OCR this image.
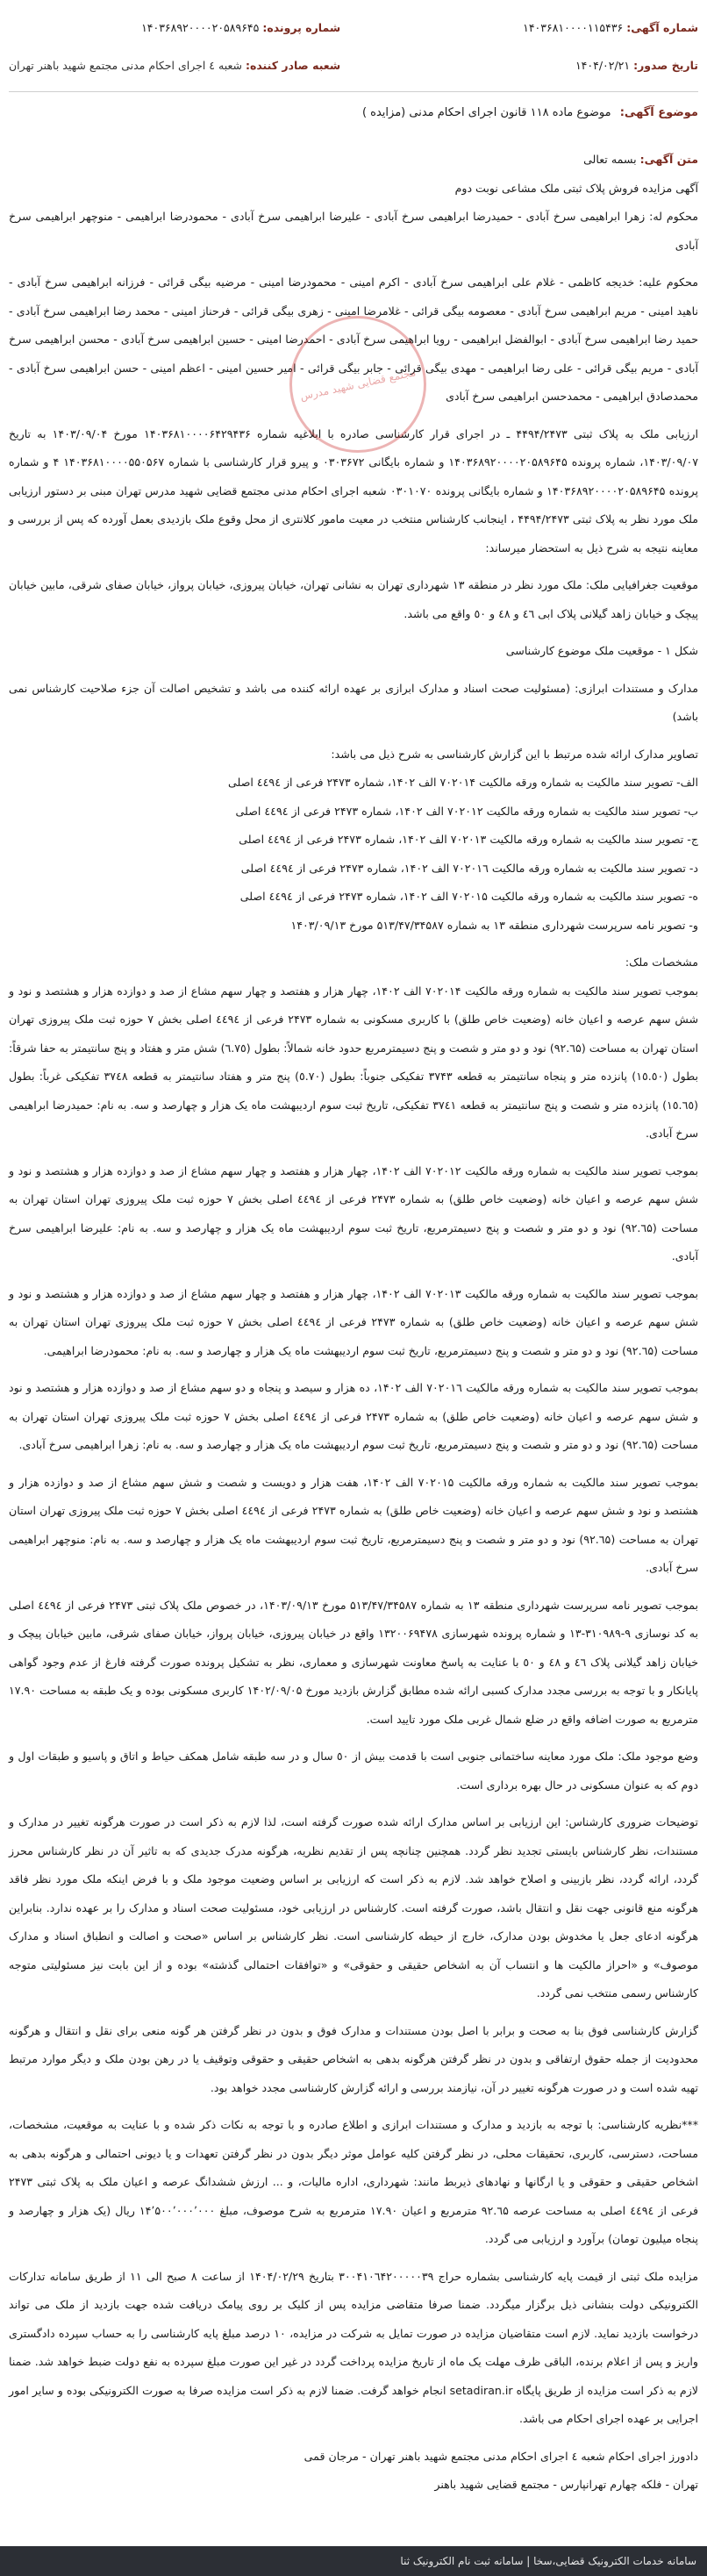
شماره آگهی: ۱۴۰۳۶۸۱۰۰۰۰۱۱۵۴۳۶
تاریخ صدور: ۱۴۰۴/۰۲/۲۱
شماره پرونده: ۱۴۰۳۶۸۹۲۰۰۰۰۲۰۵۸۹۶۴۵
شعبه صادر کننده: شعبه ٤ اجرای احکام مدنی مجتمع شهید باهنر تهران
موضوع آگهی: موضوع ماده ۱۱۸ قانون اجرای احکام مدنی (مزایده )

متن آگهی: بسمه تعالی

آگهی مزایده فروش پلاک ثبتی ملک مشاعی نوبت دوم

محکوم له: زهرا ابراهیمی سرخ آبادی - حمیدرضا ابراهیمی سرخ آبادی - علیرضا ابراهیمی سرخ آبادی - محمودرضا ابراهیمی - منوچهر ابراهیمی سرخ آبادی

محکوم علیه: خدیجه کاظمی - غلام علی ابراهیمی سرخ آبادی - اکرم امینی - محمودرضا امینی - مرضیه بیگی قرائی - فرزانه ابراهیمی سرخ آبادی - ناهید امینی - مریم ابراهیمی سرخ آبادی - معصومه بیگی قرائی - غلامرضا امینی - زهری بیگی قرائی - فرحناز امینی - محمد رضا ابراهیمی سرخ آبادی - حمید رضا ابراهیمی سرخ آبادی - ابوالفضل ابراهیمی - رویا ابراهیمی سرخ آبادی - احمدرضا امینی - حسین ابراهیمی سرخ آبادی - محسن ابراهیمی سرخ آبادی - مریم بیگی قرائی - علی رضا ابراهیمی - مهدی بیگی قرائی - جابر بیگی قرائی - امیر حسین امینی - اعظم امینی - حسن ابراهیمی سرخ آبادی - محمدصادق ابراهیمی - محمدحسن ابراهیمی سرخ آبادی

ارزیابی ملک به پلاک ثبتی ۴۴۹۴/۲۴۷۳ ـ در اجرای قرار کارشناسی صادره با ابلاغیه شماره ۱۴۰۳۶۸۱۰۰۰۰۶۴۲۹۴۳۶ مورخ ۱۴۰۳/۰۹/۰۴ به تاریخ ۱۴۰۳/۰۹/۰۷، شماره پرونده ۱۴۰۳۶۸۹۲۰۰۰۰۲۰۵۸۹۶۴۵ و شماره بایگانی ۰۳۰۳۶۷۲ و پیرو قرار کارشناسی با شماره ۱۴۰۳۶۸۱۰۰۰۰۵۵۰۵۶۷ ۴ و شماره پرونده ۱۴۰۳۶۸۹۲۰۰۰۰۲۰۵۸۹۶۴۵ و شماره بایگانی پرونده ۰۳۰۱۰۷۰ شعبه اجرای احکام مدنی مجتمع قضایی شهید مدرس تهران مبنی بر دستور ارزیابی ملک مورد نظر به پلاک ثبتی ۴۴۹۴/۲۴۷۳ ، اینجانب کارشناس منتخب در معیت مامور کلانتری از محل وقوع ملک بازدیدی بعمل آورده که پس از بررسی و معاینه نتیجه به شرح ذیل به استحضار میرساند:

موقعیت جغرافیایی ملک: ملک مورد نظر در منطقه ۱۳ شهرداری تهران به نشانی تهران، خیابان پیروزی، خیابان پرواز، خیابان صفای شرقی، مابین خیابان پیچک و خیابان زاهد گیلانی پلاک ابی ٤٦ و ٤٨ و ٥٠ واقع می باشد.

شکل ۱ - موقعیت ملک موضوع کارشناسی

مدارک و مستندات ابرازی: (مسئولیت صحت اسناد و مدارک ابرازی بر عهده ارائه کننده می باشد و تشخیص اصالت آن جزء صلاحیت کارشناس نمی باشد)

تصاویر مدارک ارائه شده مرتبط با این گزارش کارشناسی به شرح ذیل می باشد:

الف- تصویر سند مالکیت به شماره ورقه مالکیت ۷۰۲۰۱۴ الف ۱۴۰۲، شماره ۲۴۷۳ فرعی از ٤٤٩٤ اصلی

ب- تصویر سند مالکیت به شماره ورقه مالکیت ۷۰۲۰۱۲ الف ۱۴۰۲، شماره ۲۴۷۳ فرعی از ٤٤٩٤ اصلی

ج- تصویر سند مالکیت به شماره ورقه مالکیت ۷۰۲۰۱۳ الف ۱۴۰۲، شماره ۲۴۷۳ فرعی از ٤٤٩٤ اصلی

د- تصویر سند مالکیت به شماره ورقه مالکیت ۷۰۲۰۱٦ الف ۱۴۰۲، شماره ۲۴۷۳ فرعی از ٤٤٩٤ اصلی

ه- تصویر سند مالکیت به شماره ورقه مالکیت ۷۰۲۰۱۵ الف ۱۴۰۲، شماره ۲۴۷۳ فرعی از ٤٤٩٤ اصلی

و- تصویر نامه سرپرست شهرداری منطقه ۱۳ به شماره ۵۱۳/۴۷/۳۴۵۸۷ مورخ ۱۴۰۳/۰۹/۱۳

مشخصات ملک:

بموجب تصویر سند مالکیت به شماره ورقه مالکیت ۷۰۲۰۱۴ الف ۱۴۰۲، چهار هزار و هفتصد و چهار سهم مشاع از صد و دوازده هزار و هشتصد و نود و شش سهم عرصه و اعیان خانه (وضعیت خاص طلق) با کاربری مسکونی به شماره ۲۴۷۳ فرعی از ٤٤٩٤ اصلی بخش ۷ حوزه ثبت ملک پیروزی تهران استان تهران به مساحت (۹۲.٦۵) نود و دو متر و شصت و پنج دسیمترمربع حدود خانه شمالاً: بطول (٦.٧٥) شش متر و هفتاد و پنج سانتیمتر به حفا شرقاً: بطول (١٥.٥٠) پانزده متر و پنجاه سانتیمتر به قطعه ۳۷۴۳ تفکیکی جنوباً: بطول (٥.٧٠) پنج متر و هفتاد سانتیمتر به قطعه ۳۷٤٨ تفکیکی غرباً: بطول (١٥.٦٥) پانزده متر و شصت و پنج سانتیمتر به قطعه ۳۷٤۱ تفکیکی، تاریخ ثبت سوم اردیبهشت ماه یک هزار و چهارصد و سه. به نام: حمیدرضا ابراهیمی سرخ آبادی.

بموجب تصویر سند مالکیت به شماره ورقه مالکیت ۷۰۲۰۱۲ الف ۱۴۰۲، چهار هزار و هفتصد و چهار سهم مشاع از صد و دوازده هزار و هشتصد و نود و شش سهم عرصه و اعیان خانه (وضعیت خاص طلق) به شماره ۲۴۷۳ فرعی از ٤٤٩٤ اصلی بخش ۷ حوزه ثبت ملک پیروزی تهران استان تهران به مساحت (۹۲.٦۵) نود و دو متر و شصت و پنج دسیمترمربع، تاریخ ثبت سوم اردیبهشت ماه یک هزار و چهارصد و سه. به نام: علیرضا ابراهیمی سرخ آبادی.

بموجب تصویر سند مالکیت به شماره ورقه مالکیت ۷۰۲۰۱۳ الف ۱۴۰۲، چهار هزار و هفتصد و چهار سهم مشاع از صد و دوازده هزار و هشتصد و نود و شش سهم عرصه و اعیان خانه (وضعیت خاص طلق) به شماره ۲۴۷۳ فرعی از ٤٤٩٤ اصلی بخش ۷ حوزه ثبت ملک پیروزی تهران استان تهران به مساحت (۹۲.٦۵) نود و دو متر و شصت و پنج دسیمترمربع، تاریخ ثبت سوم اردیبهشت ماه یک هزار و چهارصد و سه. به نام: محمودرضا ابراهیمی.

بموجب تصویر سند مالکیت به شماره ورقه مالکیت ۷۰۲۰۱٦ الف ۱۴۰۲، ده هزار و سیصد و پنجاه و دو سهم مشاع از صد و دوازده هزار و هشتصد و نود و شش سهم عرصه و اعیان خانه (وضعیت خاص طلق) به شماره ۲۴۷۳ فرعی از ٤٤٩٤ اصلی بخش ۷ حوزه ثبت ملک پیروزی تهران استان تهران به مساحت (۹۲.٦۵) نود و دو متر و شصت و پنج دسیمترمربع، تاریخ ثبت سوم اردیبهشت ماه یک هزار و چهارصد و سه. به نام: زهرا ابراهیمی سرخ آبادی.

بموجب تصویر سند مالکیت به شماره ورقه مالکیت ۷۰۲۰۱۵ الف ۱۴۰۲، هفت هزار و دویست و شصت و شش سهم مشاع از صد و دوازده هزار و هشتصد و نود و شش سهم عرصه و اعیان خانه (وضعیت خاص طلق) به شماره ۲۴۷۳ فرعی از ٤٤٩٤ اصلی بخش ۷ حوزه ثبت ملک پیروزی تهران استان تهران به مساحت (۹۲.٦۵) نود و دو متر و شصت و پنج دسیمترمربع، تاریخ ثبت سوم اردیبهشت ماه یک هزار و چهارصد و سه. به نام: منوچهر ابراهیمی سرخ آبادی.

بموجب تصویر نامه سرپرست شهرداری منطقه ۱۳ به شماره ۵۱۳/۴۷/۳۴۵۸۷ مورخ ۱۴۰۳/۰۹/۱۳، در خصوص ملک پلاک ثبتی ۲۴۷۳ فرعی از ٤٤٩٤ اصلی به کد نوسازی ۹-۳۱۰۹۸۹-۱۳ و شماره پرونده شهرسازی ۱۳۲۰۰۶۹۴۷۸ واقع در خیابان پیروزی، خیابان پرواز، خیابان صفای شرقی، مابین خیابان پیچک و خیابان زاهد گیلانی پلاک ٤٦ و ٤٨ و ٥٠ با عنایت به پاسخ معاونت شهرسازی و معماری، نظر به تشکیل پرونده صورت گرفته فارغ از عدم وجود گواهی پایانکار و با توجه به بررسی مجدد مدارک کسبی ارائه شده مطابق گزارش بازدید مورخ ۱۴۰۲/۰۹/۰۵ کاربری مسکونی بوده و یک طبقه به مساحت ۱۷.۹۰ مترمربع به صورت اضافه واقع در ضلع شمال غربی ملک مورد تایید است.

وضع موجود ملک: ملک مورد معاینه ساختمانی جنوبی است با قدمت بیش از ٥٠ سال و در سه طبقه شامل همکف حیاط و اتاق و پاسیو و طبقات اول و دوم که به عنوان مسکونی در حال بهره برداری است.

توضیحات ضروری کارشناس: این ارزیابی بر اساس مدارک ارائه شده صورت گرفته است، لذا لازم به ذکر است در صورت هرگونه تغییر در مدارک و مستندات، نظر کارشناس بایستی تجدید نظر گردد. همچنین چنانچه پس از تقدیم نظریه، هرگونه مدرک جدیدی که به تاثیر آن در نظر کارشناس محرز گردد، ارائه گردد، نظر بازبینی و اصلاح خواهد شد. لازم به ذکر است که ارزیابی بر اساس وضعیت موجود ملک و با فرض اینکه ملک مورد نظر فاقد هرگونه منع قانونی جهت نقل و انتقال باشد، صورت گرفته است. کارشناس در ارزیابی خود، مسئولیت صحت اسناد و مدارک را بر عهده ندارد. بنابراین هرگونه ادعای جعل یا مخدوش بودن مدارک، خارج از حیطه کارشناسی است. نظر کارشناس بر اساس «صحت و اصالت و انطباق اسناد و مدارک موصوف» و «احراز مالکیت ها و انتساب آن به اشخاص حقیقی و حقوقی» و «توافقات احتمالی گذشته» بوده و از این بابت نیز مسئولیتی متوجه کارشناس رسمی منتخب نمی گردد.

گزارش کارشناسی فوق بنا به صحت و برابر با اصل بودن مستندات و مدارک فوق و بدون در نظر گرفتن هر گونه منعی برای نقل و انتقال و هرگونه محدودیت از جمله حقوق ارتفاقی و بدون در نظر گرفتن هرگونه بدهی به اشخاص حقیقی و حقوقی وتوقیف یا در رهن بودن ملک و دیگر موارد مرتبط تهیه شده است و در صورت هرگونه تغییر در آن، نیازمند بررسی و ارائه گزارش کارشناسی مجدد خواهد بود.

***نظریه کارشناسی: با توجه به بازدید و مدارک و مستندات ابرازی و اطلاع صادره و با توجه به نکات ذکر شده و با عنایت به موقعیت، مشخصات، مساحت، دسترسی، کاربری، تحقیقات محلی، در نظر گرفتن کلیه عوامل موثر دیگر بدون در نظر گرفتن تعهدات و یا دیونی احتمالی و هرگونه بدهی به اشخاص حقیقی و حقوقی و یا ارگانها و نهادهای ذیربط مانند: شهرداری، اداره مالیات، و ... ارزش ششدانگ عرصه و اعیان ملک به پلاک ثبتی ۲۴۷۳ فرعی از ٤٤٩٤ اصلی به مساحت عرصه ۹۲.٦۵ مترمربع و اعیان ۱۷.۹۰ مترمربع به شرح موصوف، مبلغ ۱۴٬۵۰۰٬۰۰۰٬۰۰۰ ریال (یک هزار و چهارصد و پنجاه میلیون تومان) برآورد و ارزیابی می گردد.

مزایده ملک ثبتی از قیمت پایه کارشناسی بشماره حراج ۳۰۰۴۱۰٦۴۲۰۰۰۰۰۳۹ بتاریخ ۱۴۰۴/۰۲/۲۹ از ساعت ۸ صبح الی ۱۱ از طریق سامانه تدارکات الکترونیکی دولت بنشانی ذیل برگزار میگردد. ضمنا صرفا متقاضی مزایده پس از کلیک بر روی پیامک دریافت شده جهت بازدید از ملک می تواند درخواست بازدید نماید. لازم است متقاضیان مزایده در صورت تمایل به شرکت در مزایده، ۱۰ درصد مبلغ پایه کارشناسی را به حساب سپرده دادگستری واریز و پس از اعلام برنده، الباقی ظرف مهلت یک ماه از تاریخ مزایده پرداخت گردد در غیر این صورت مبلغ سپرده به نفع دولت ضبط خواهد شد. ضمنا لازم به ذکر است مزایده از طریق پایگاه setadiran.ir انجام خواهد گرفت. ضمنا لازم به ذکر است مزایده صرفا به صورت الکترونیکی بوده و سایر امور اجرایی بر عهده اجرای احکام می باشد.

دادورز اجرای احکام شعبه ٤ اجرای احکام مدنی مجتمع شهید باهنر تهران - مرجان قمی

تهران - فلکه چهارم تهرانپارس - مجتمع قضایی شهید باهنر

مجتمع قضایی شهید مدرس
سامانه خدمات الکترونیک قضایی،سخا | سامانه ثبت نام الکترونیک ثنا
